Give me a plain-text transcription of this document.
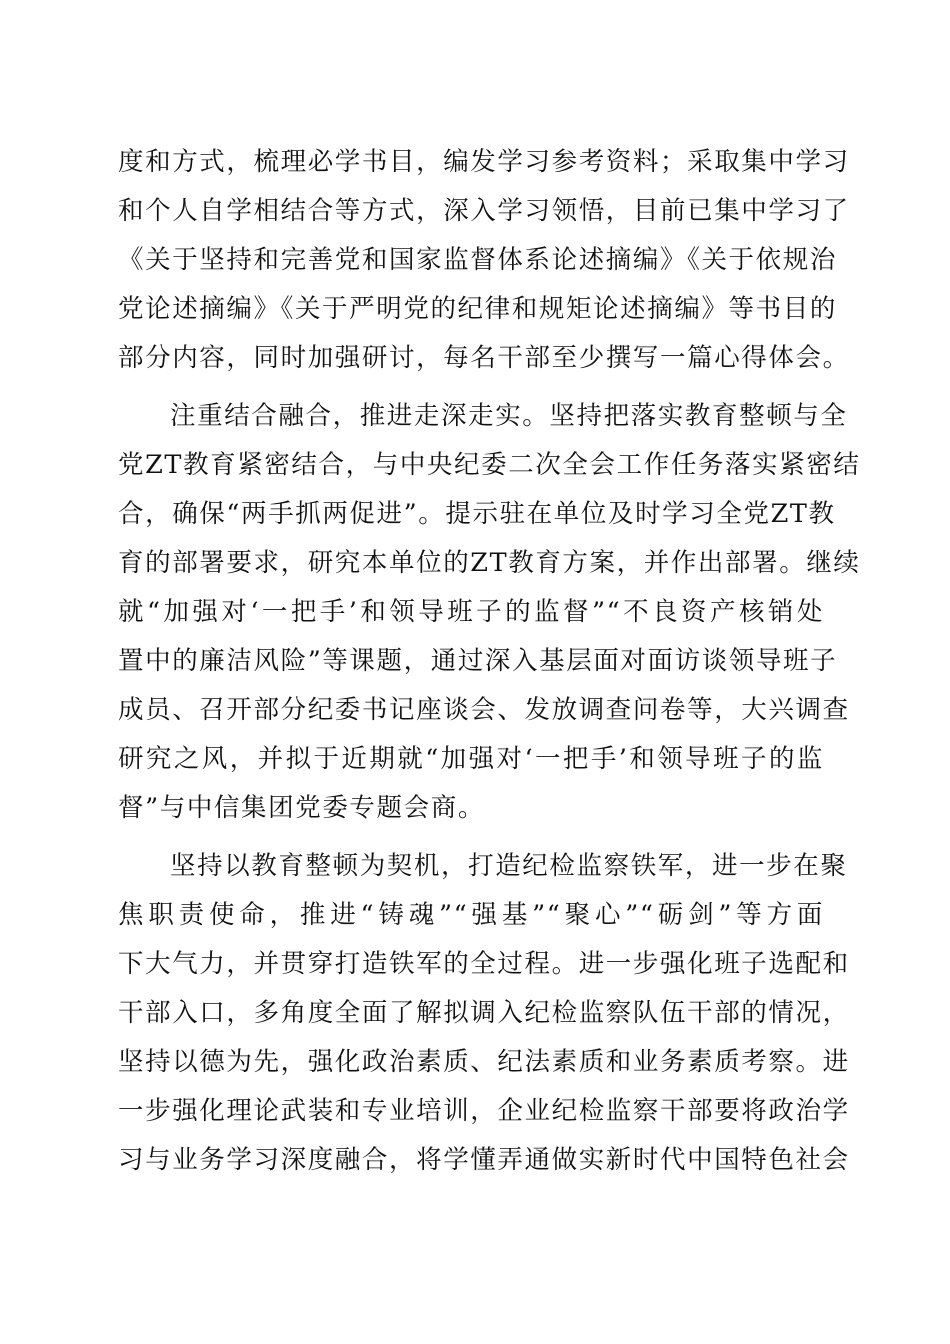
度和方式，梳理必学书目，编发学习参考资料；采取集中学习
和个人自学相结合等方式，深入学习领悟，目前已集中学习了
《关于坚持和完善党和国家监督体系论述摘编》《关于依规治
党论述摘编》《关于严明党的纪律和规矩论述摘编》等书目的
部分内容，同时加强研讨，每名干部至少撰写一篇心得体会。
注重结合融合，推进走深走实。坚持把落实教育整顿与全
党ZT教育紧密结合，与中央纪委二次全会工作任务落实紧密结
合，确保“两手抓两促进”。提示驻在单位及时学习全党ZT教
育的部署要求，研究本单位的ZT教育方案，并作出部署。继续
就“加强对‘一把手’和领导班子的监督”“不良资产核销处
置中的廉洁风险”等课题，通过深入基层面对面访谈领导班子
成员、召开部分纪委书记座谈会、发放调查问卷等，大兴调查
研究之风，并拟于近期就“加强对‘一把手’和领导班子的监
督”与中信集团党委专题会商。
坚持以教育整顿为契机，打造纪检监察铁军，进一步在聚
焦职责使命，推进“铸魂”“强基”“聚心”“砺剑”等方面
下大气力，并贯穿打造铁军的全过程。进一步强化班子选配和
干部入口，多角度全面了解拟调入纪检监察队伍干部的情况，
坚持以德为先，强化政治素质、纪法素质和业务素质考察。进
一步强化理论武装和专业培训，企业纪检监察干部要将政治学
习与业务学习深度融合，将学懂弄通做实新时代中国特色社会
